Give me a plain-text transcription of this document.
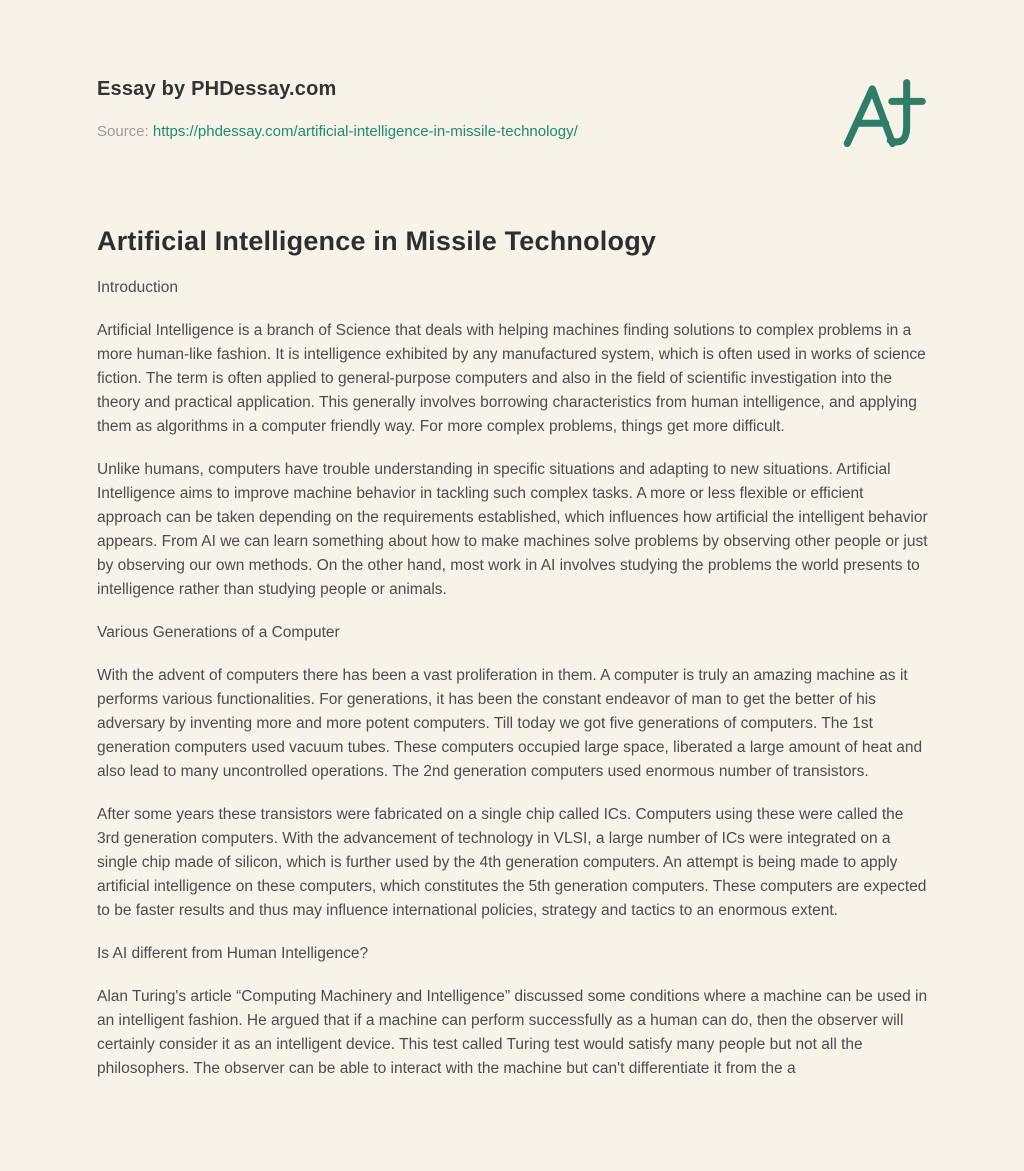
Essay by PHDessay.com
Source: https://phdessay.com/artificial-intelligence-in-missile-technology/
Artificial Intelligence in Missile Technology

Introduction

Artificial Intelligence is a branch of Science that deals with helping machines finding solutions to complex problems in a more human-like fashion. It is intelligence exhibited by any manufactured system, which is often used in works of science fiction. The term is often applied to general-purpose computers and also in the field of scientific investigation into the theory and practical application. This generally involves borrowing characteristics from human intelligence, and applying them as algorithms in a computer friendly way. For more complex problems, things get more difficult.

Unlike humans, computers have trouble understanding in specific situations and adapting to new situations. Artificial Intelligence aims to improve machine behavior in tackling such complex tasks. A more or less flexible or efficient approach can be taken depending on the requirements established, which influences how artificial the intelligent behavior appears. From AI we can learn something about how to make machines solve problems by observing other people or just by observing our own methods. On the other hand, most work in AI involves studying the problems the world presents to intelligence rather than studying people or animals.

Various Generations of a Computer

With the advent of computers there has been a vast proliferation in them. A computer is truly an amazing machine as it performs various functionalities. For generations, it has been the constant endeavor of man to get the better of his adversary by inventing more and more potent computers. Till today we got five generations of computers. The 1st generation computers used vacuum tubes. These computers occupied large space, liberated a large amount of heat and also lead to many uncontrolled operations. The 2nd generation computers used enormous number of transistors.

After some years these transistors were fabricated on a single chip called ICs. Computers using these were called the 3rd generation computers. With the advancement of technology in VLSI, a large number of ICs were integrated on a single chip made of silicon, which is further used by the 4th generation computers. An attempt is being made to apply artificial intelligence on these computers, which constitutes the 5th generation computers. These computers are expected to be faster results and thus may influence international policies, strategy and tactics to an enormous extent.

Is AI different from Human Intelligence?

Alan Turing's article “Computing Machinery and Intelligence” discussed some conditions where a machine can be used in an intelligent fashion. He argued that if a machine can perform successfully as a human can do, then the observer will certainly consider it as an intelligent device. This test called Turing test would satisfy many people but not all the philosophers. The observer can be able to interact with the machine but can't differentiate it from the a
